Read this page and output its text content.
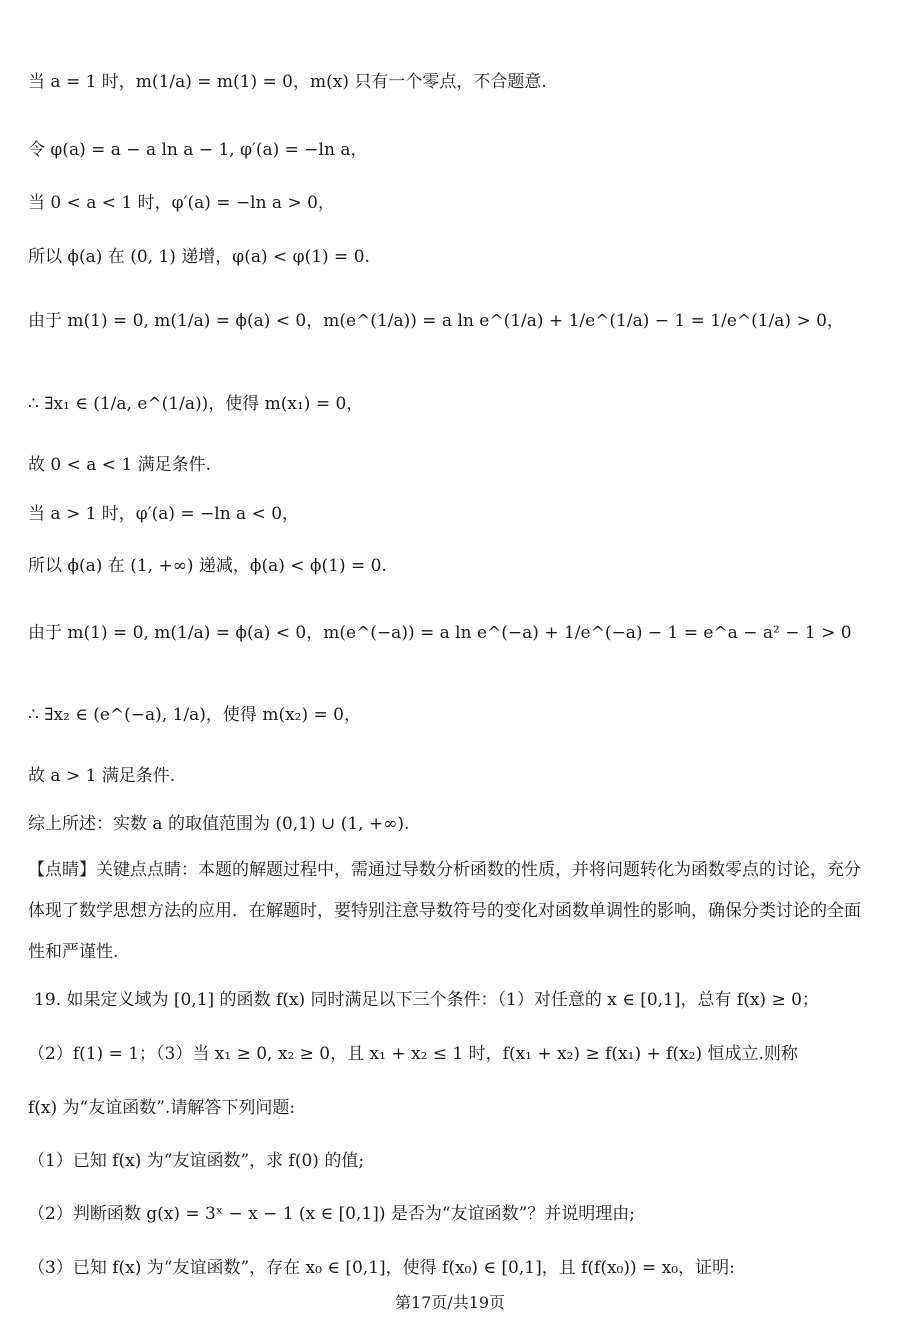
当 a = 1 时，m(1/a) = m(1) = 0，m(x) 只有一个零点，不合题意.
令 φ(a) = a − a ln a − 1, φ′(a) = −ln a，
当 0 < a < 1 时，φ′(a) = −ln a > 0，
所以 ϕ(a) 在 (0, 1) 递增，φ(a) < φ(1) = 0.
由于 m(1) = 0, m(1/a) = ϕ(a) < 0，m(e^(1/a)) = a ln e^(1/a) + 1/e^(1/a) − 1 = 1/e^(1/a) > 0，
∴ ∃x₁ ∈ (1/a, e^(1/a))，使得 m(x₁) = 0，
故 0 < a < 1 满足条件.
当 a > 1 时，φ′(a) = −ln a < 0，
所以 ϕ(a) 在 (1, +∞) 递减，ϕ(a) < ϕ(1) = 0.
由于 m(1) = 0, m(1/a) = ϕ(a) < 0，m(e^(−a)) = a ln e^(−a) + 1/e^(−a) − 1 = e^a − a² − 1 > 0
∴ ∃x₂ ∈ (e^(−a), 1/a)，使得 m(x₂) = 0，
故 a > 1 满足条件.
综上所述：实数 a 的取值范围为 (0,1) ∪ (1, +∞).
【点睛】关键点点睛：本题的解题过程中，需通过导数分析函数的性质，并将问题转化为函数零点的讨论，充分体现了数学思想方法的应用．在解题时，要特别注意导数符号的变化对函数单调性的影响，确保分类讨论的全面性和严谨性.
19. 如果定义域为 [0,1] 的函数 f(x) 同时满足以下三个条件：（1）对任意的 x ∈ [0,1]，总有 f(x) ≥ 0；
（2）f(1) = 1；（3）当 x₁ ≥ 0, x₂ ≥ 0，且 x₁ + x₂ ≤ 1 时，f(x₁ + x₂) ≥ f(x₁) + f(x₂) 恒成立.则称
f(x) 为“友谊函数”.请解答下列问题:
（1）已知 f(x) 为“友谊函数”，求 f(0) 的值;
（2）判断函数 g(x) = 3ˣ − x − 1 (x ∈ [0,1]) 是否为“友谊函数”？并说明理由;
（3）已知 f(x) 为“友谊函数”，存在 x₀ ∈ [0,1]，使得 f(x₀) ∈ [0,1]，且 f(f(x₀)) = x₀，证明:
第17页/共19页
